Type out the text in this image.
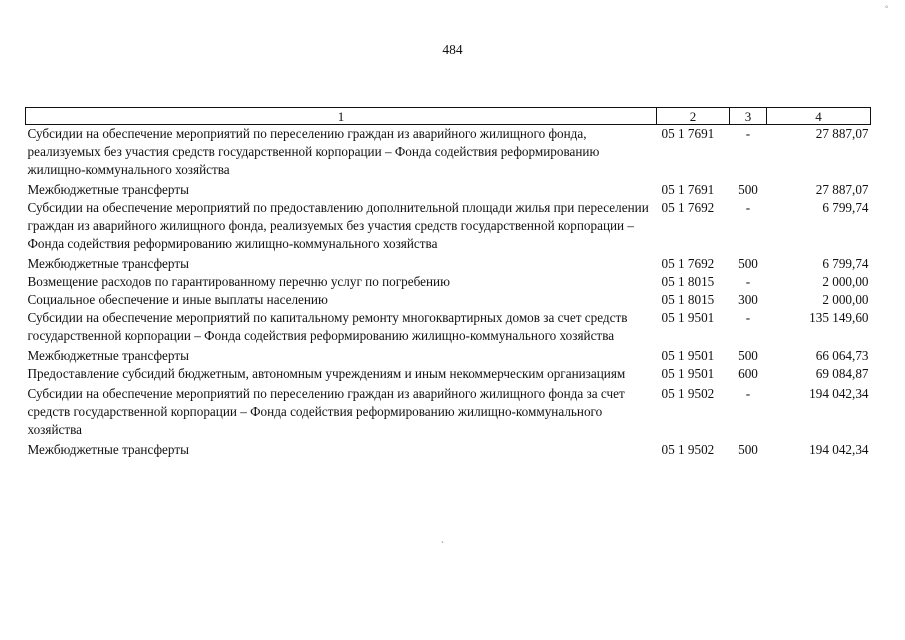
°
484
1	2	3	4
Субсидии на обеспечение мероприятий по переселению граждан из аварийного жилищного фонда, реализуемых без участия средств государственной корпорации – Фонда содействия реформированию жилищно-коммунального хозяйства	05 1 7691	-	27 887,07
Межбюджетные трансферты	05 1 7691	500	27 887,07
Субсидии на обеспечение мероприятий по предоставлению дополнительной площади жилья при переселении граждан из аварийного жилищного фонда, реализуемых без участия средств государственной корпорации – Фонда содействия реформированию жилищно-коммунального хозяйства	05 1 7692	-	6 799,74
Межбюджетные трансферты	05 1 7692	500	6 799,74
Возмещение расходов по гарантированному перечню услуг по погребению	05 1 8015	-	2 000,00
Социальное обеспечение и иные выплаты населению	05 1 8015	300	2 000,00
Субсидии на обеспечение мероприятий по капитальному ремонту многоквартирных домов за счет средств государственной корпорации – Фонда содействия реформированию жилищно-коммунального хозяйства	05 1 9501	-	135 149,60
Межбюджетные трансферты	05 1 9501	500	66 064,73
Предоставление субсидий бюджетным, автономным учреждениям и иным некоммерческим организациям	05 1 9501	600	69 084,87
Субсидии на обеспечение мероприятий по переселению граждан из аварийного жилищного фонда за счет средств государственной корпорации – Фонда содействия реформированию жилищно-коммунального хозяйства	05 1 9502	-	194 042,34
Межбюджетные трансферты	05 1 9502	500	194 042,34
`
